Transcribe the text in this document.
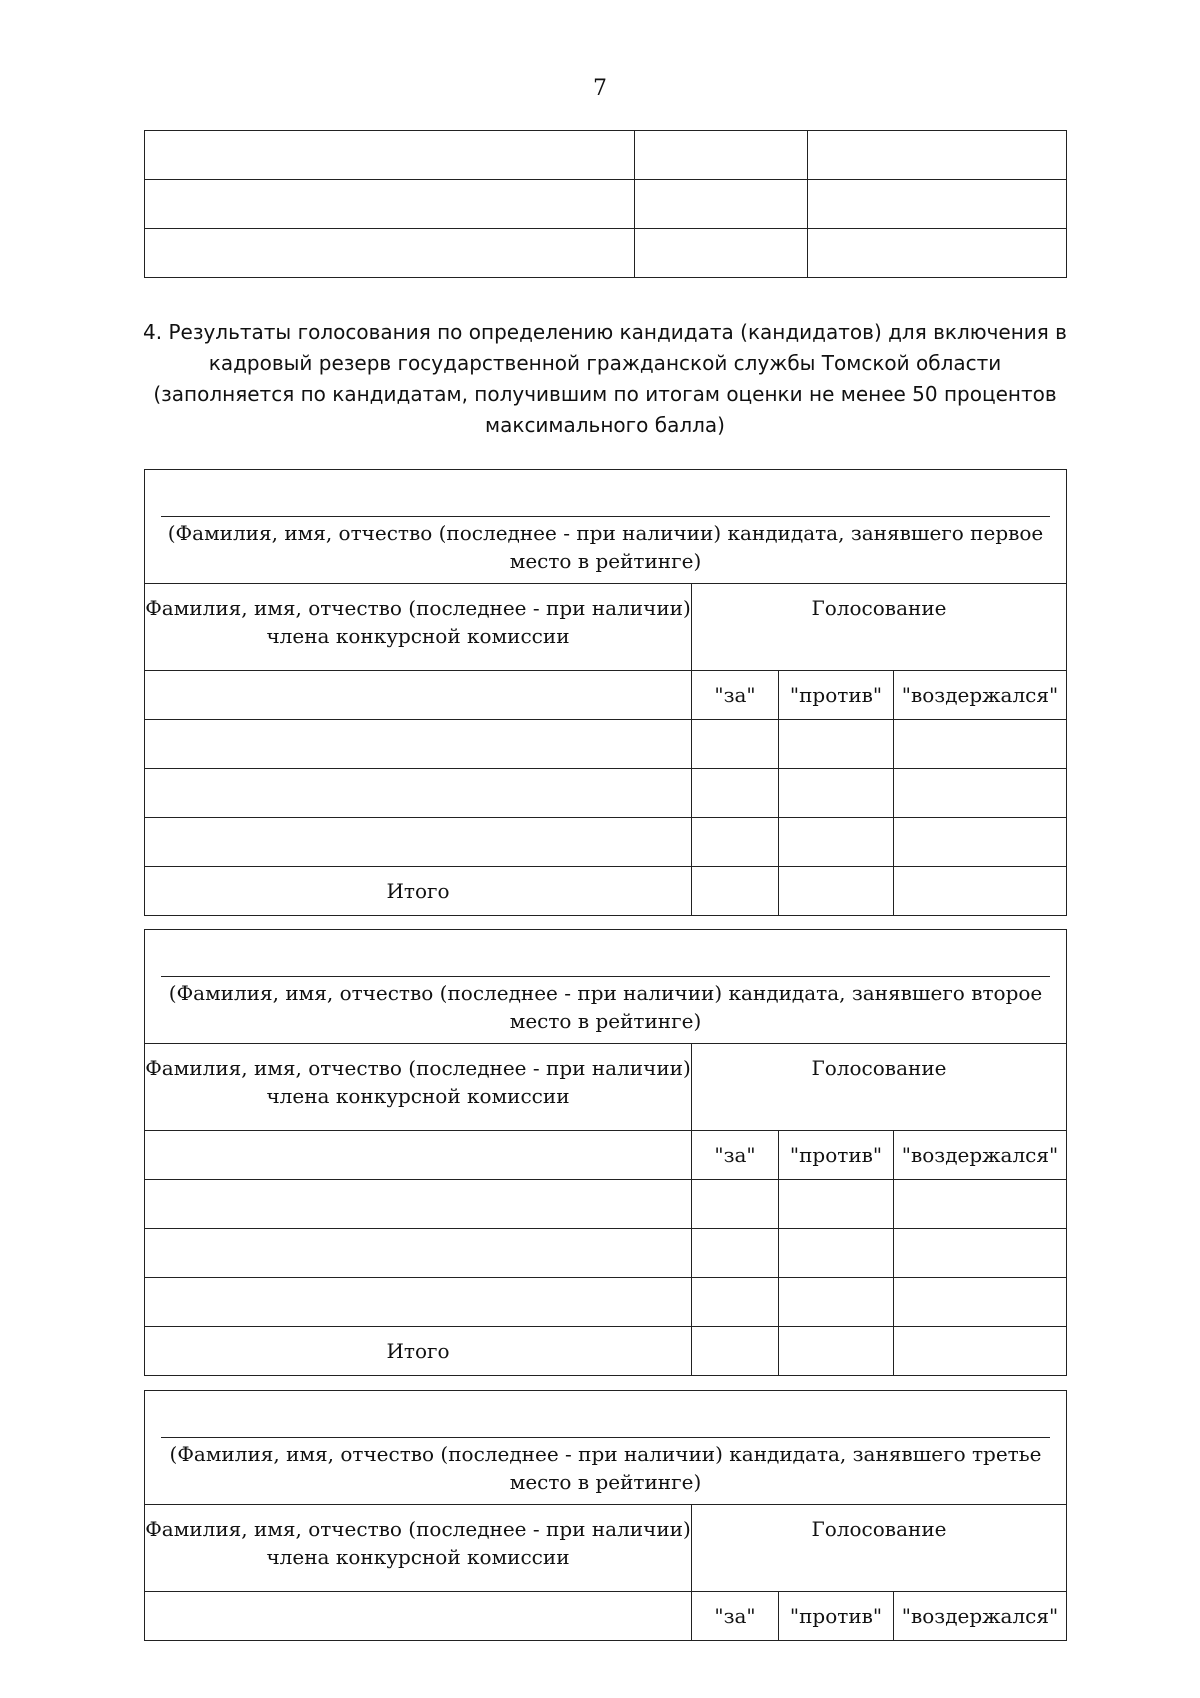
7

4. Результаты голосования по определению кандидата (кандидатов) для включения в кадровый резерв государственной гражданской службы Томской области (заполняется по кандидатам, получившим по итогам оценки не менее 50 процентов максимального балла)
(Фамилия, имя, отчество (последнее - при наличии) кандидата, занявшего первое место в рейтинге)			

Фамилия, имя, отчество (последнее - при наличии) члена конкурсной комиссии	Голосование		
	"за"	"против"	"воздержался"

Итого			
(Фамилия, имя, отчество (последнее - при наличии) кандидата, занявшего второе место в рейтинге)			

Фамилия, имя, отчество (последнее - при наличии) члена конкурсной комиссии	Голосование		
	"за"	"против"	"воздержался"

Итого			
(Фамилия, имя, отчество (последнее - при наличии) кандидата, занявшего третье место в рейтинге)			

Фамилия, имя, отчество (последнее - при наличии) члена конкурсной комиссии	Голосование		
	"за"	"против"	"воздержался"
